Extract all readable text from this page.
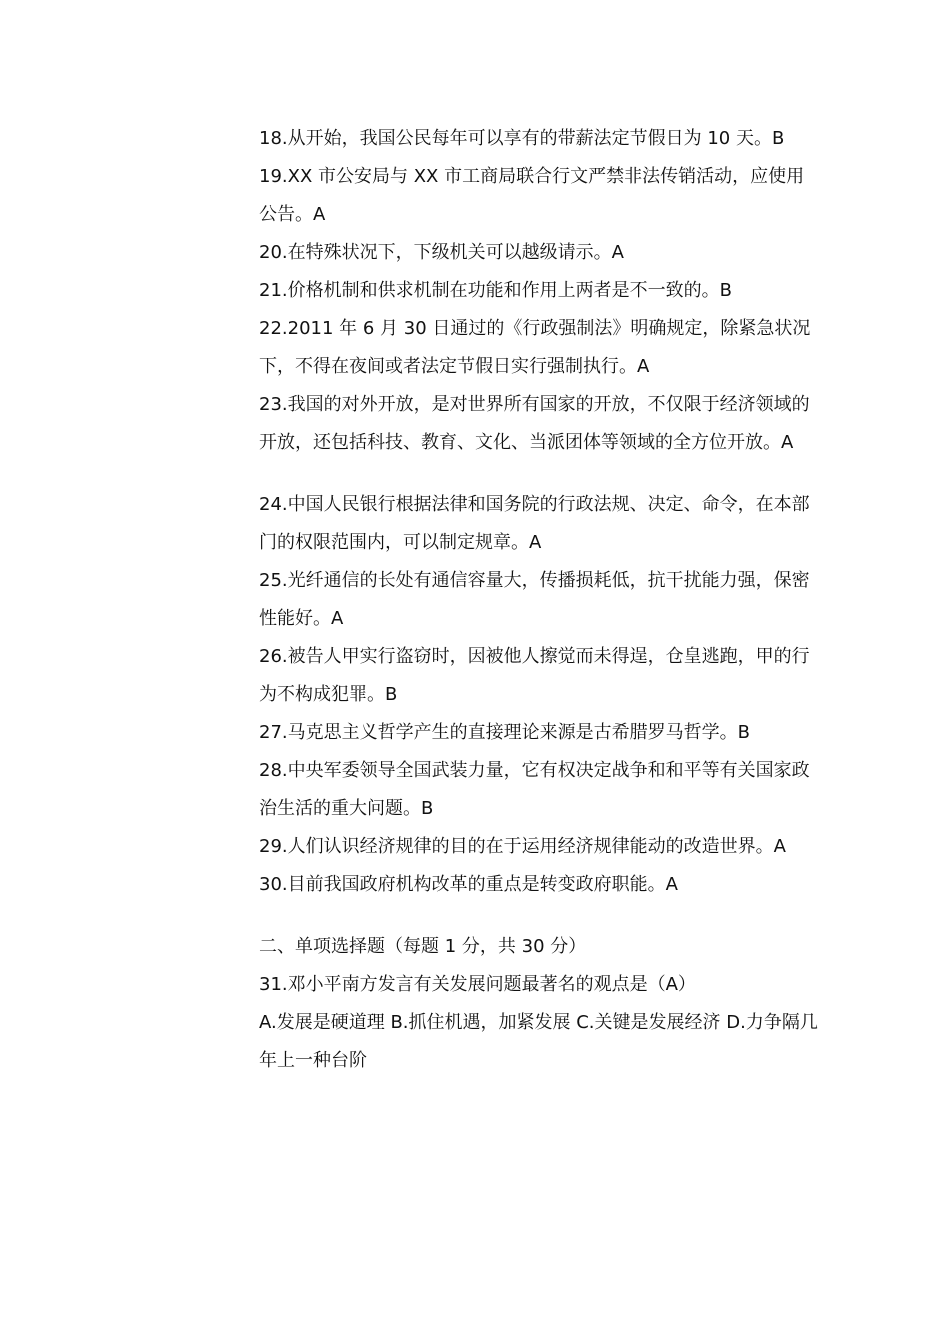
18.从开始，我国公民每年可以享有的带薪法定节假日为 10 天。B

19.XX 市公安局与 XX 市工商局联合行文严禁非法传销活动，应使用公告。A

20.在特殊状况下，下级机关可以越级请示。A

21.价格机制和供求机制在功能和作用上两者是不一致的。B

22.2011 年 6 月 30 日通过的《行政强制法》明确规定，除紧急状况下，不得在夜间或者法定节假日实行强制执行。A

23.我国的对外开放，是对世界所有国家的开放，不仅限于经济领域的开放，还包括科技、教育、文化、当派团体等领域的全方位开放。A

24.中国人民银行根据法律和国务院的行政法规、决定、命令，在本部门的权限范围内，可以制定规章。A

25.光纤通信的长处有通信容量大，传播损耗低，抗干扰能力强，保密性能好。A

26.被告人甲实行盗窃时，因被他人擦觉而未得逞，仓皇逃跑，甲的行为不构成犯罪。B

27.马克思主义哲学产生的直接理论来源是古希腊罗马哲学。B

28.中央军委领导全国武装力量，它有权决定战争和和平等有关国家政治生活的重大问题。B

29.人们认识经济规律的目的在于运用经济规律能动的改造世界。A

30.目前我国政府机构改革的重点是转变政府职能。A

二、单项选择题（每题 1 分，共 30 分）

31.邓小平南方发言有关发展问题最著名的观点是（A）

A.发展是硬道理 B.抓住机遇，加紧发展 C.关键是发展经济 D.力争隔几年上一种台阶
